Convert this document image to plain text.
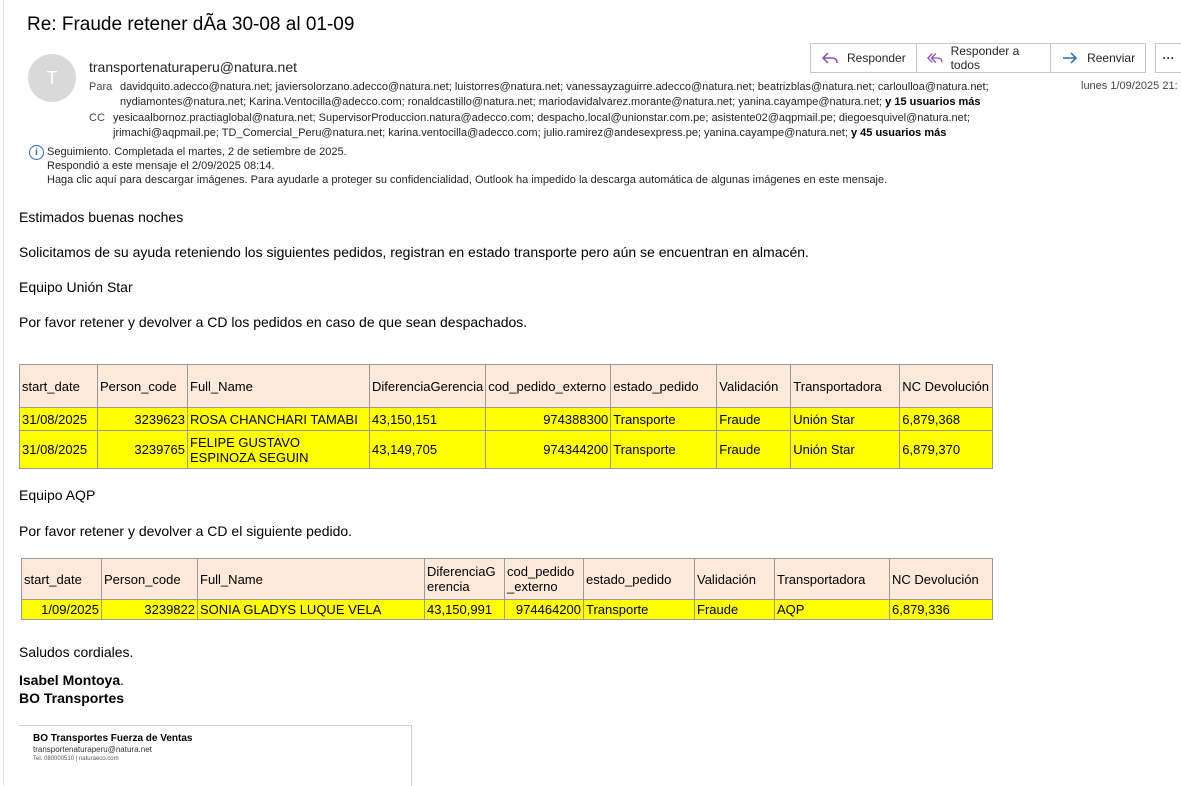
Re: Fraude retener dÃa 30-08 al 01-09
T
transportenaturaperu@natura.net
Responder	Responder a todos	Reenviar	···
lunes 1/09/2025 21:
Para davidquito.adecco@natura.net; javiersolorzano.adecco@natura.net; luistorres@natura.net; vanessayzaguirre.adecco@natura.net; beatrizblas@natura.net; carloulloa@natura.net;
nydiamontes@natura.net; Karina.Ventocilla@adecco.com; ronaldcastillo@natura.net; mariodavidalvarez.morante@natura.net; yanina.cayampe@natura.net; y 15 usuarios más
CC yesicaalbornoz.practiaglobal@natura.net; SupervisorProduccion.natura@adecco.com; despacho.local@unionstar.com.pe; asistente02@aqpmail.pe; diegoesquivel@natura.net;
jrimachi@aqpmail.pe; TD_Comercial_Peru@natura.net; karina.ventocilla@adecco.com; julio.ramirez@andesexpress.pe; yanina.cayampe@natura.net; y 45 usuarios más
i Seguimiento. Completada el martes, 2 de setiembre de 2025.
Respondió a este mensaje el 2/09/2025 08:14.
Haga clic aquí para descargar imágenes. Para ayudarle a proteger su confidencialidad, Outlook ha impedido la descarga automática de algunas imágenes en este mensaje.
Estimados buenas noches
Solicitamos de su ayuda reteniendo los siguientes pedidos, registran en estado transporte pero aún se encuentran en almacén.
Equipo Unión Star
Por favor retener y devolver a CD los pedidos en caso de que sean despachados.
start_date	Person_code	Full_Name	DiferenciaGerencia	cod_pedido_externo	estado_pedido	Validación	Transportadora	NC Devolución
31/08/2025	3239623	ROSA CHANCHARI TAMABI	43,150,151	974388300	Transporte	Fraude	Unión Star	6,879,368
31/08/2025	3239765	FELIPE GUSTAVO ESPINOZA SEGUIN	43,149,705	974344200	Transporte	Fraude	Unión Star	6,879,370
Equipo AQP
Por favor retener y devolver a CD el siguiente pedido.
start_date	Person_code	Full_Name	DiferenciaGerencia	cod_pedido_externo	estado_pedido	Validación	Transportadora	NC Devolución
1/09/2025	3239822	SONIA GLADYS LUQUE VELA	43,150,991	974464200	Transporte	Fraude	AQP	6,879,336
Saludos cordiales.
Isabel Montoya.
BO Transportes
BO Transportes Fuerza de Ventas
transportenaturaperu@natura.net
Tel. 080000510 | naturaeco.com
